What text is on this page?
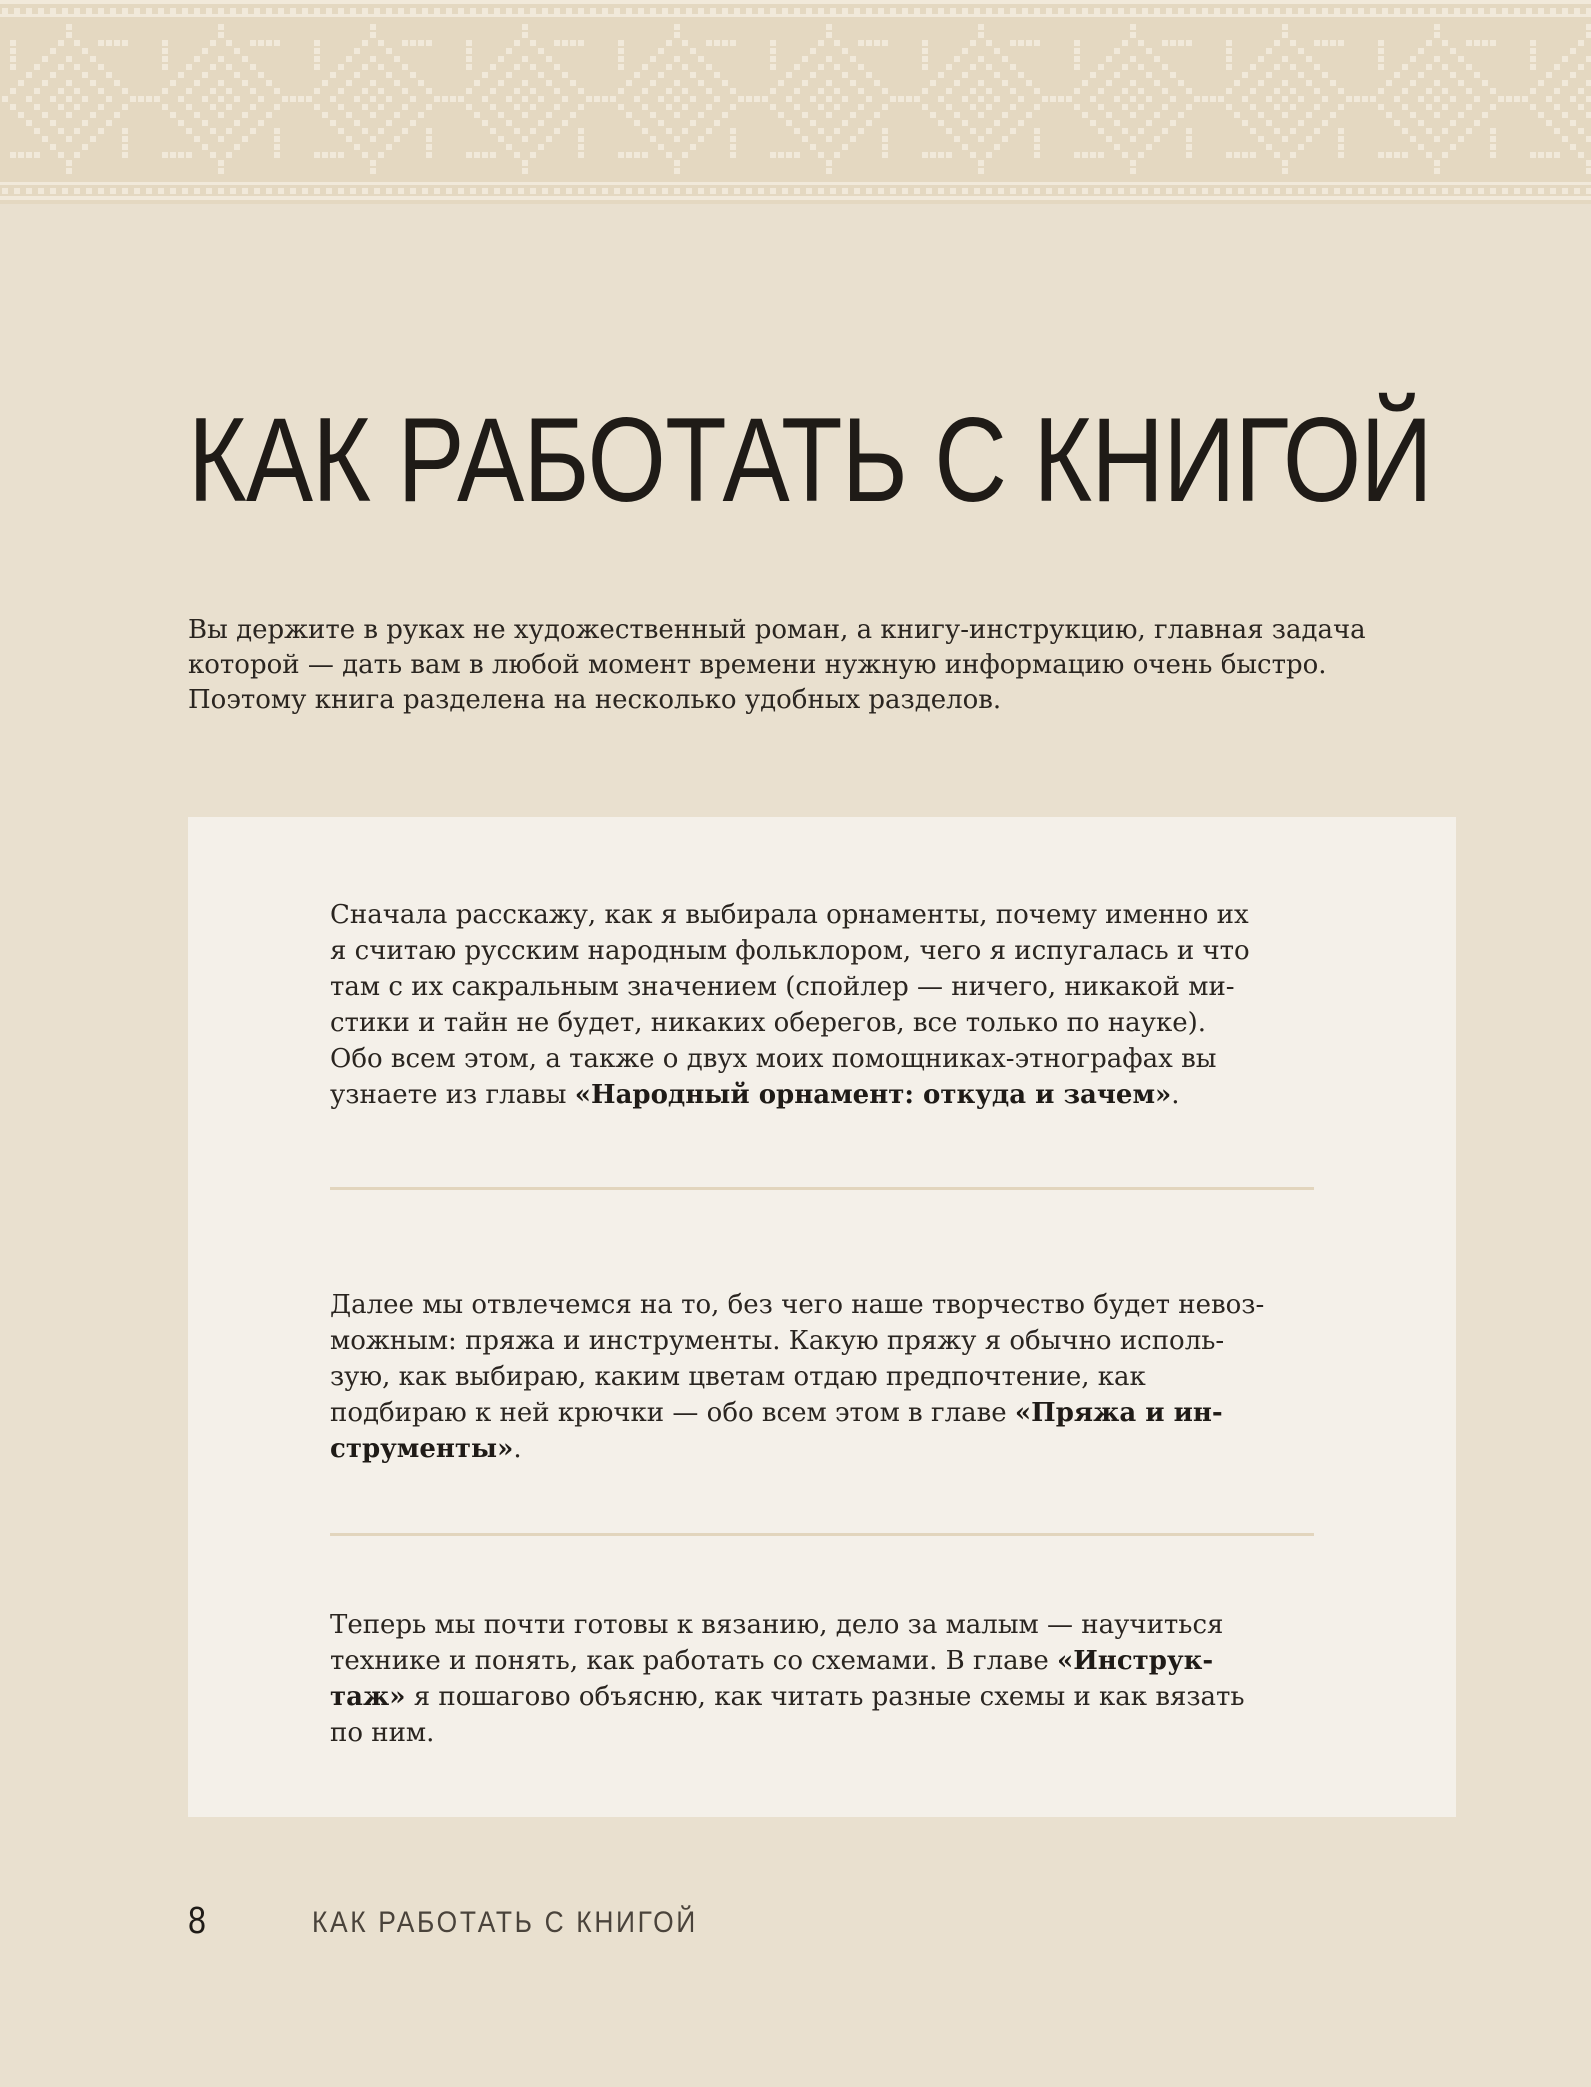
КАК РАБОТАТЬ С КНИГОЙ

Вы держите в руках не художественный роман, а книгу-инструкцию, главная задача
которой — дать вам в любой момент времени нужную информацию очень быстро.
Поэтому книга разделена на несколько удобных разделов.

Сначала расскажу, как я выбирала орнаменты, почему именно их
я считаю русским народным фольклором, чего я испугалась и что
там с их сакральным значением (спойлер — ничего, никакой ми-
стики и тайн не будет, никаких оберегов, все только по науке).
Обо всем этом, а также о двух моих помощниках-этнографах вы
узнаете из главы «Народный орнамент: откуда и зачем».

Далее мы отвлечемся на то, без чего наше творчество будет невоз-
можным: пряжа и инструменты. Какую пряжу я обычно исполь-
зую, как выбираю, каким цветам отдаю предпочтение, как
подбираю к ней крючки — обо всем этом в главе «Пряжа и ин-
струменты».

Теперь мы почти готовы к вязанию, дело за малым — научиться
технике и понять, как работать со схемами. В главе «Инструк-
таж» я пошагово объясню, как читать разные схемы и как вязать
по ним.

8	КАК РАБОТАТЬ С КНИГОЙ
